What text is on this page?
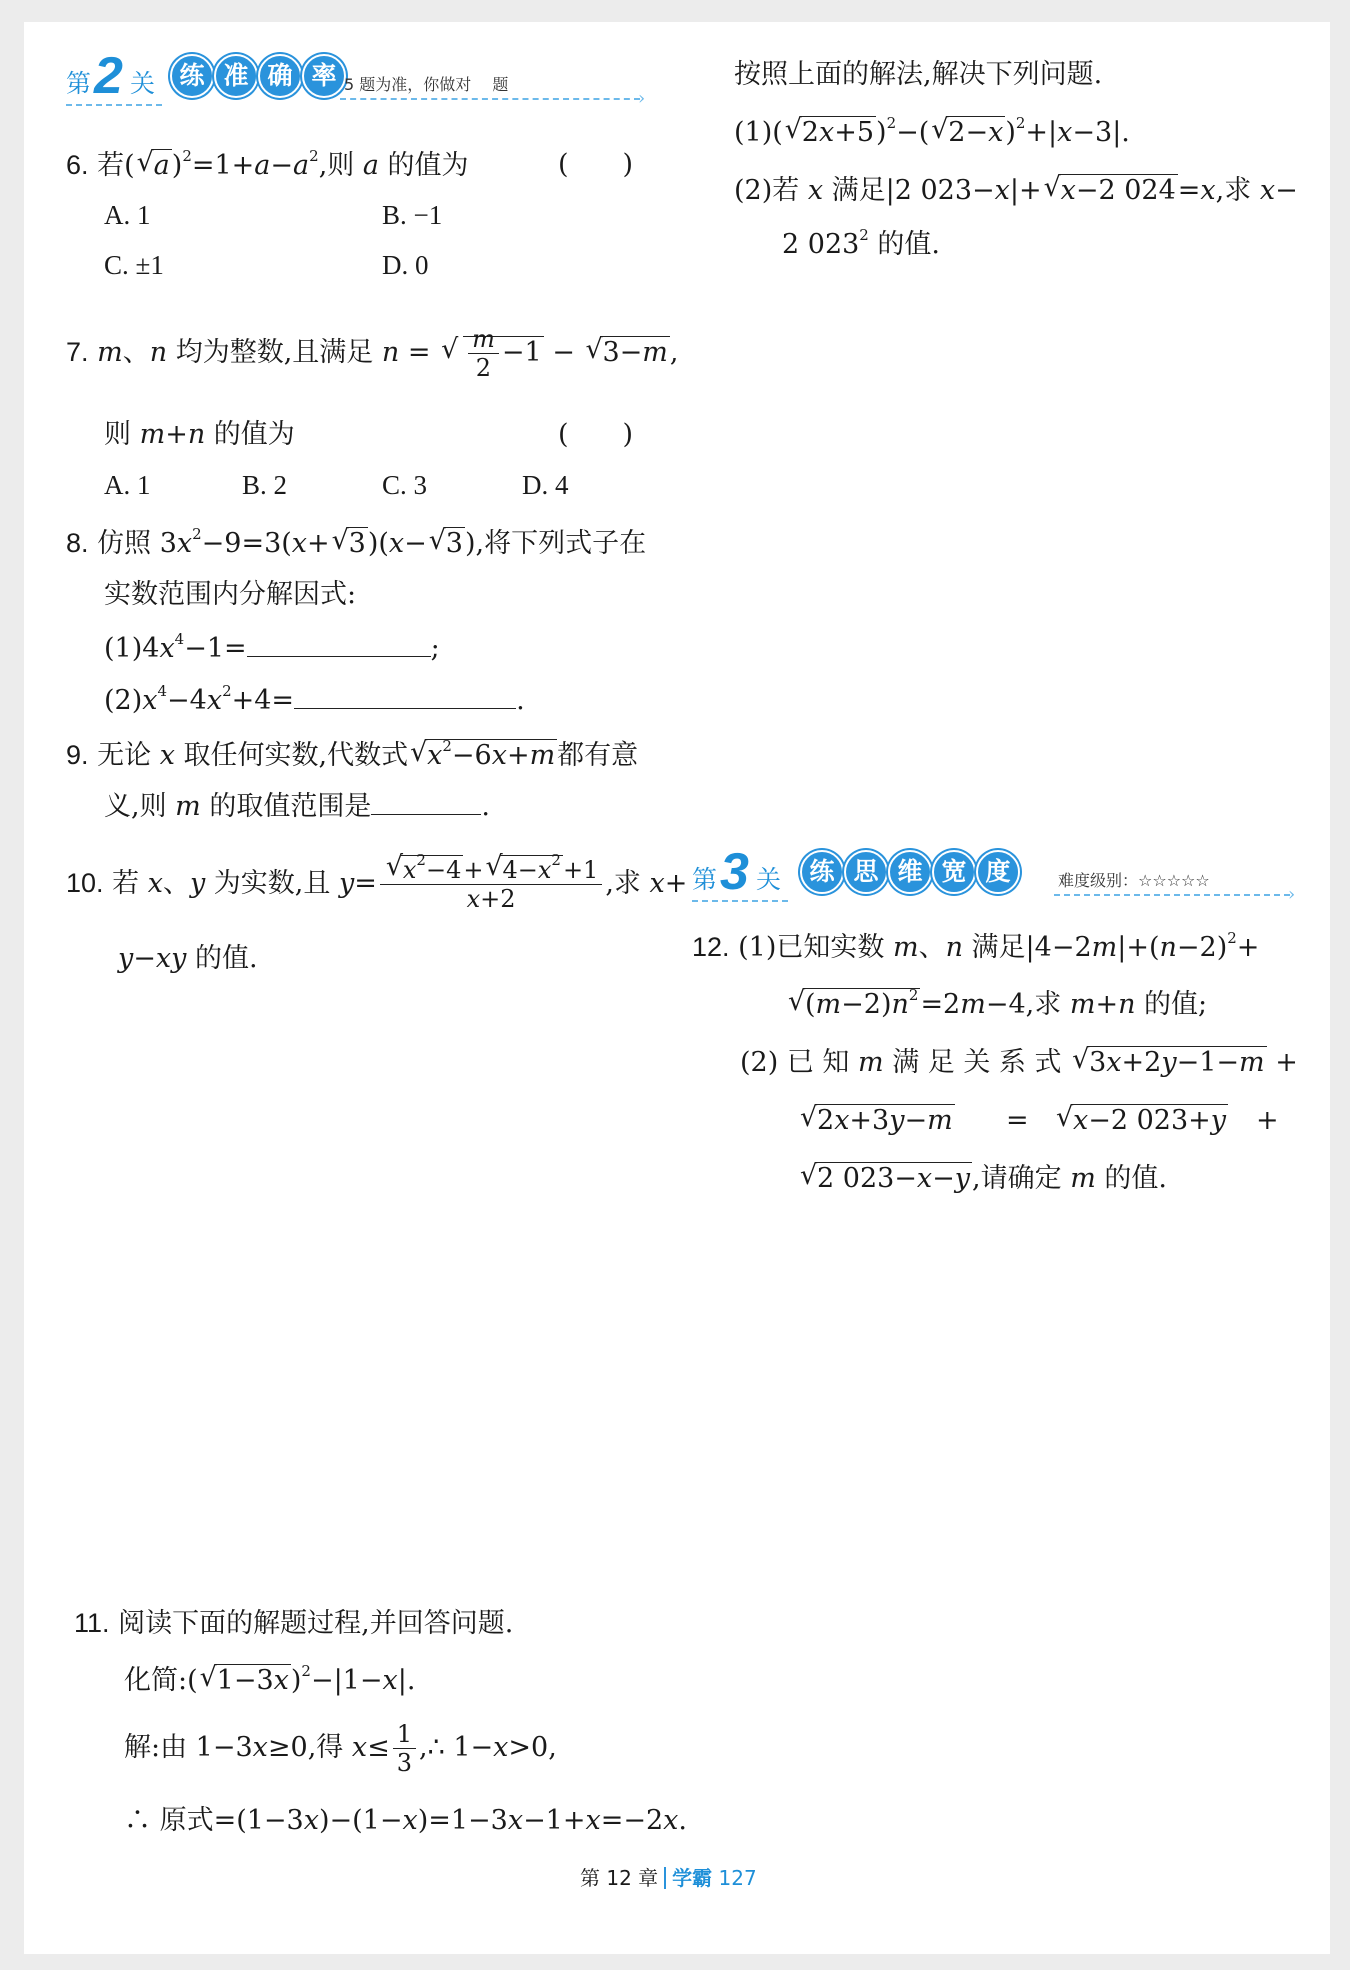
第 2 关 练 准 确 率 5 题为准，你做对　 题
›
6. 若(√ $a)^2=1+a-a^2$,则 a 的值为	(　　)
A. 1	B. −1
C. ±1	D. 0
7. m、n 均为整数,且满足 n =
√ $\frac{m}{2} -1$ − √ 3−m,
则 m+n 的值为	(　　)
A. 1	B. 2	C. 3	D. 4
8. 仿照 $3x^2-9=3(x+√$ 3)(x−√ 3),将下列式子在
实数范围内分解因式:
$(1)4x^4-1=$	;
$(2)x^4-4x^2+4=$	.
9. 无论 x 取任何实数,代数式√ $x^2-6x+m$都有意
义,则 m 的取值范围是	.
10. 若 x、y 为实数,且 y=
√ $\frac{x^2-4+√ 4-x^2+1}{x+2}$ ,求 x+
y−xy 的值.
11. 阅读下面的解题过程,并回答问题.
化简:(√ 1−3x)$^2$−|1−x|.
解:由 1−3x≥0,得 $x\le \frac{1}{3}$ ,∴ 1−x>0,
∴ 原式=(1−3x)−(1−x)=1−3x−1+x=−2x.
按照上面的解法,解决下列问题.
(1)(√ 2x+5)$^2$−(√ 2−x)$^2$+|x−3|.
(2)若 x 满足|2 023−x|+√ x−2 024=x,求 x−
2 $023^2$ 的值.
第 3 关	练 思 维 宽 度	难度级别：☆☆☆☆☆
›
12. (1)已知实数 m、n 满足$|4-2m|+(n-2)^2+$
√ $(m-2)n^2=2m-4$,求 m+n 的值;
(2) 已 知 m 满 足 关 系 式 √ 3x+2y−1−m +
√ 2x+3y−m =
√	x−2 023+y +
√ 2 023−x−y,请确定 m 的值.
第 12 章 学霸 127
